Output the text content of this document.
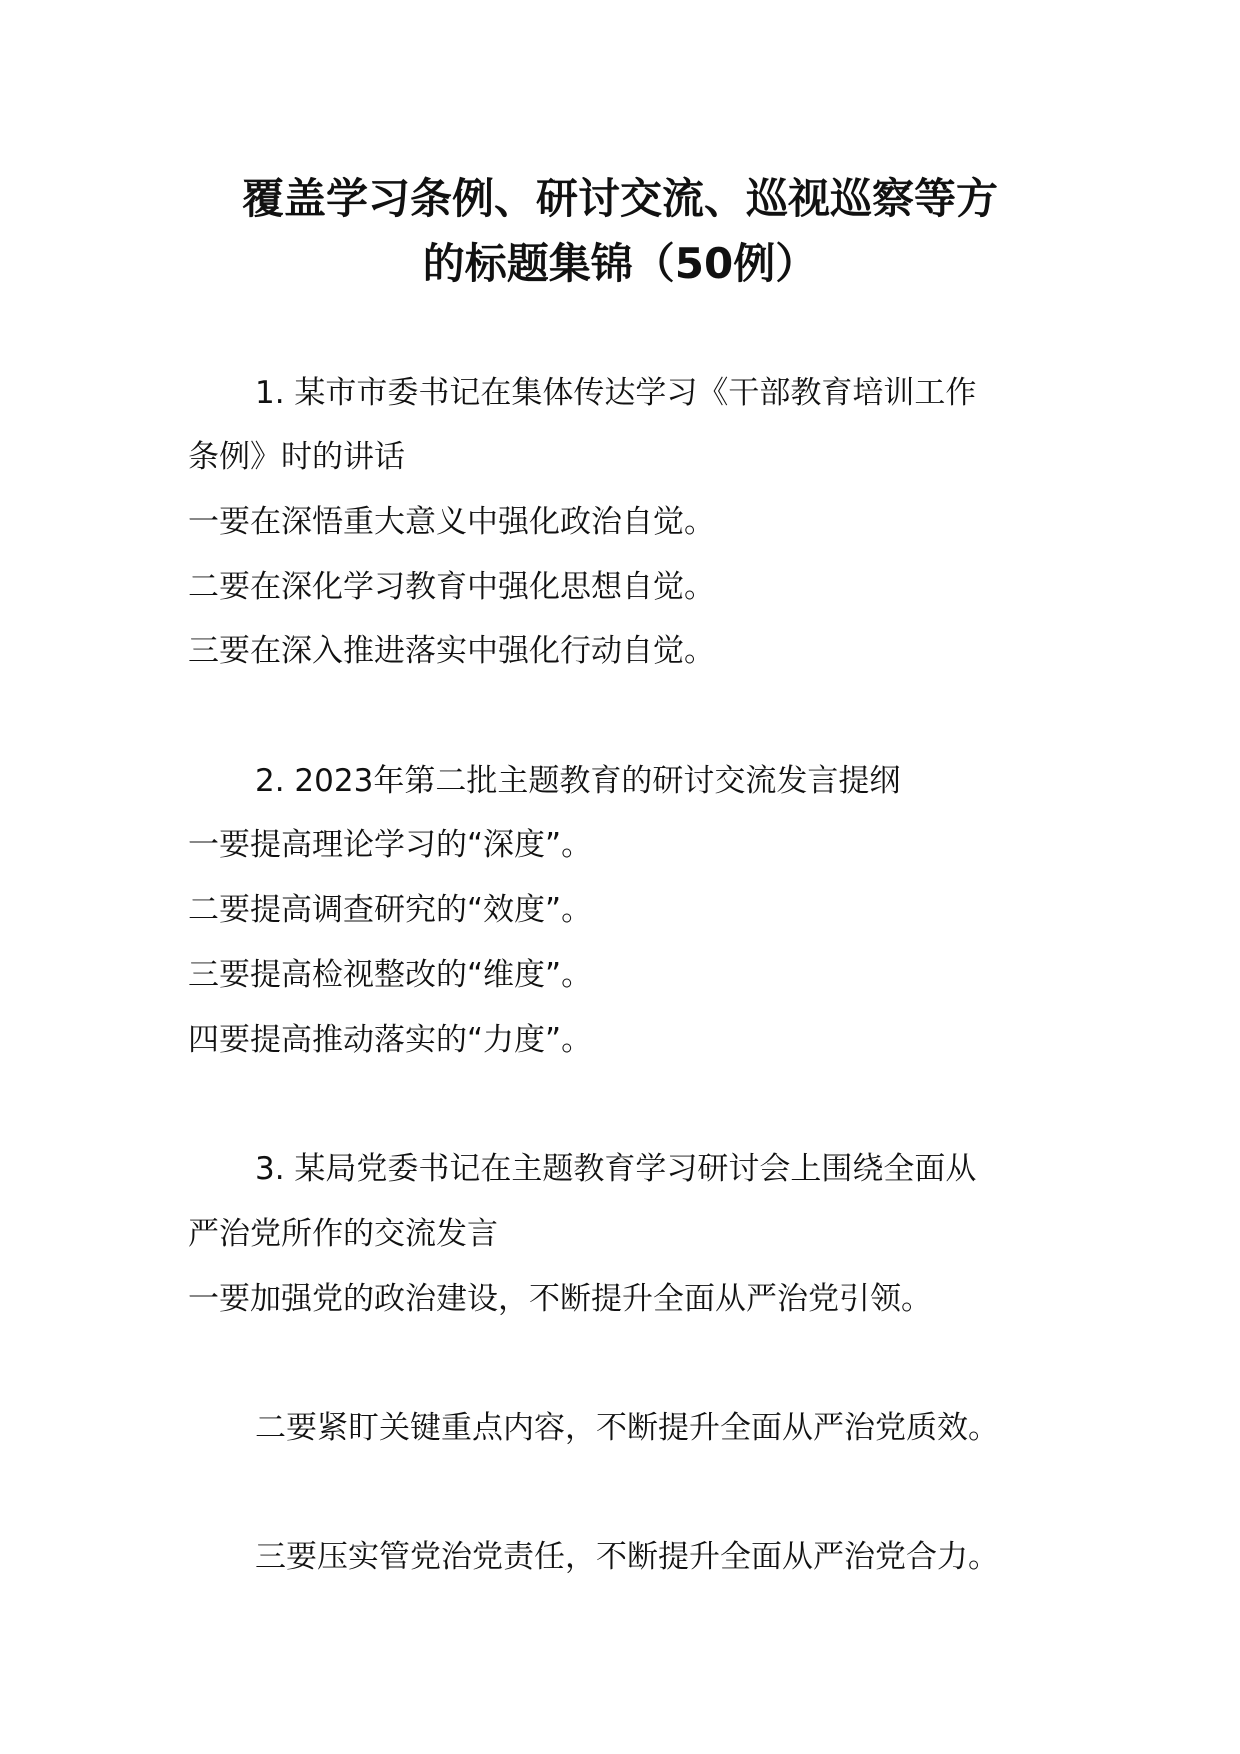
覆盖学习条例、研讨交流、巡视巡察等方
的标题集锦（50例）
1. 某市市委书记在集体传达学习《干部教育培训工作
条例》时的讲话
一要在深悟重大意义中强化政治自觉。
二要在深化学习教育中强化思想自觉。
三要在深入推进落实中强化行动自觉。
2. 2023年第二批主题教育的研讨交流发言提纲
一要提高理论学习的“深度”。
二要提高调查研究的“效度”。
三要提高检视整改的“维度”。
四要提高推动落实的“力度”。
3. 某局党委书记在主题教育学习研讨会上围绕全面从
严治党所作的交流发言
一要加强党的政治建设，不断提升全面从严治党引领。
二要紧盯关键重点内容，不断提升全面从严治党质效。
三要压实管党治党责任，不断提升全面从严治党合力。
